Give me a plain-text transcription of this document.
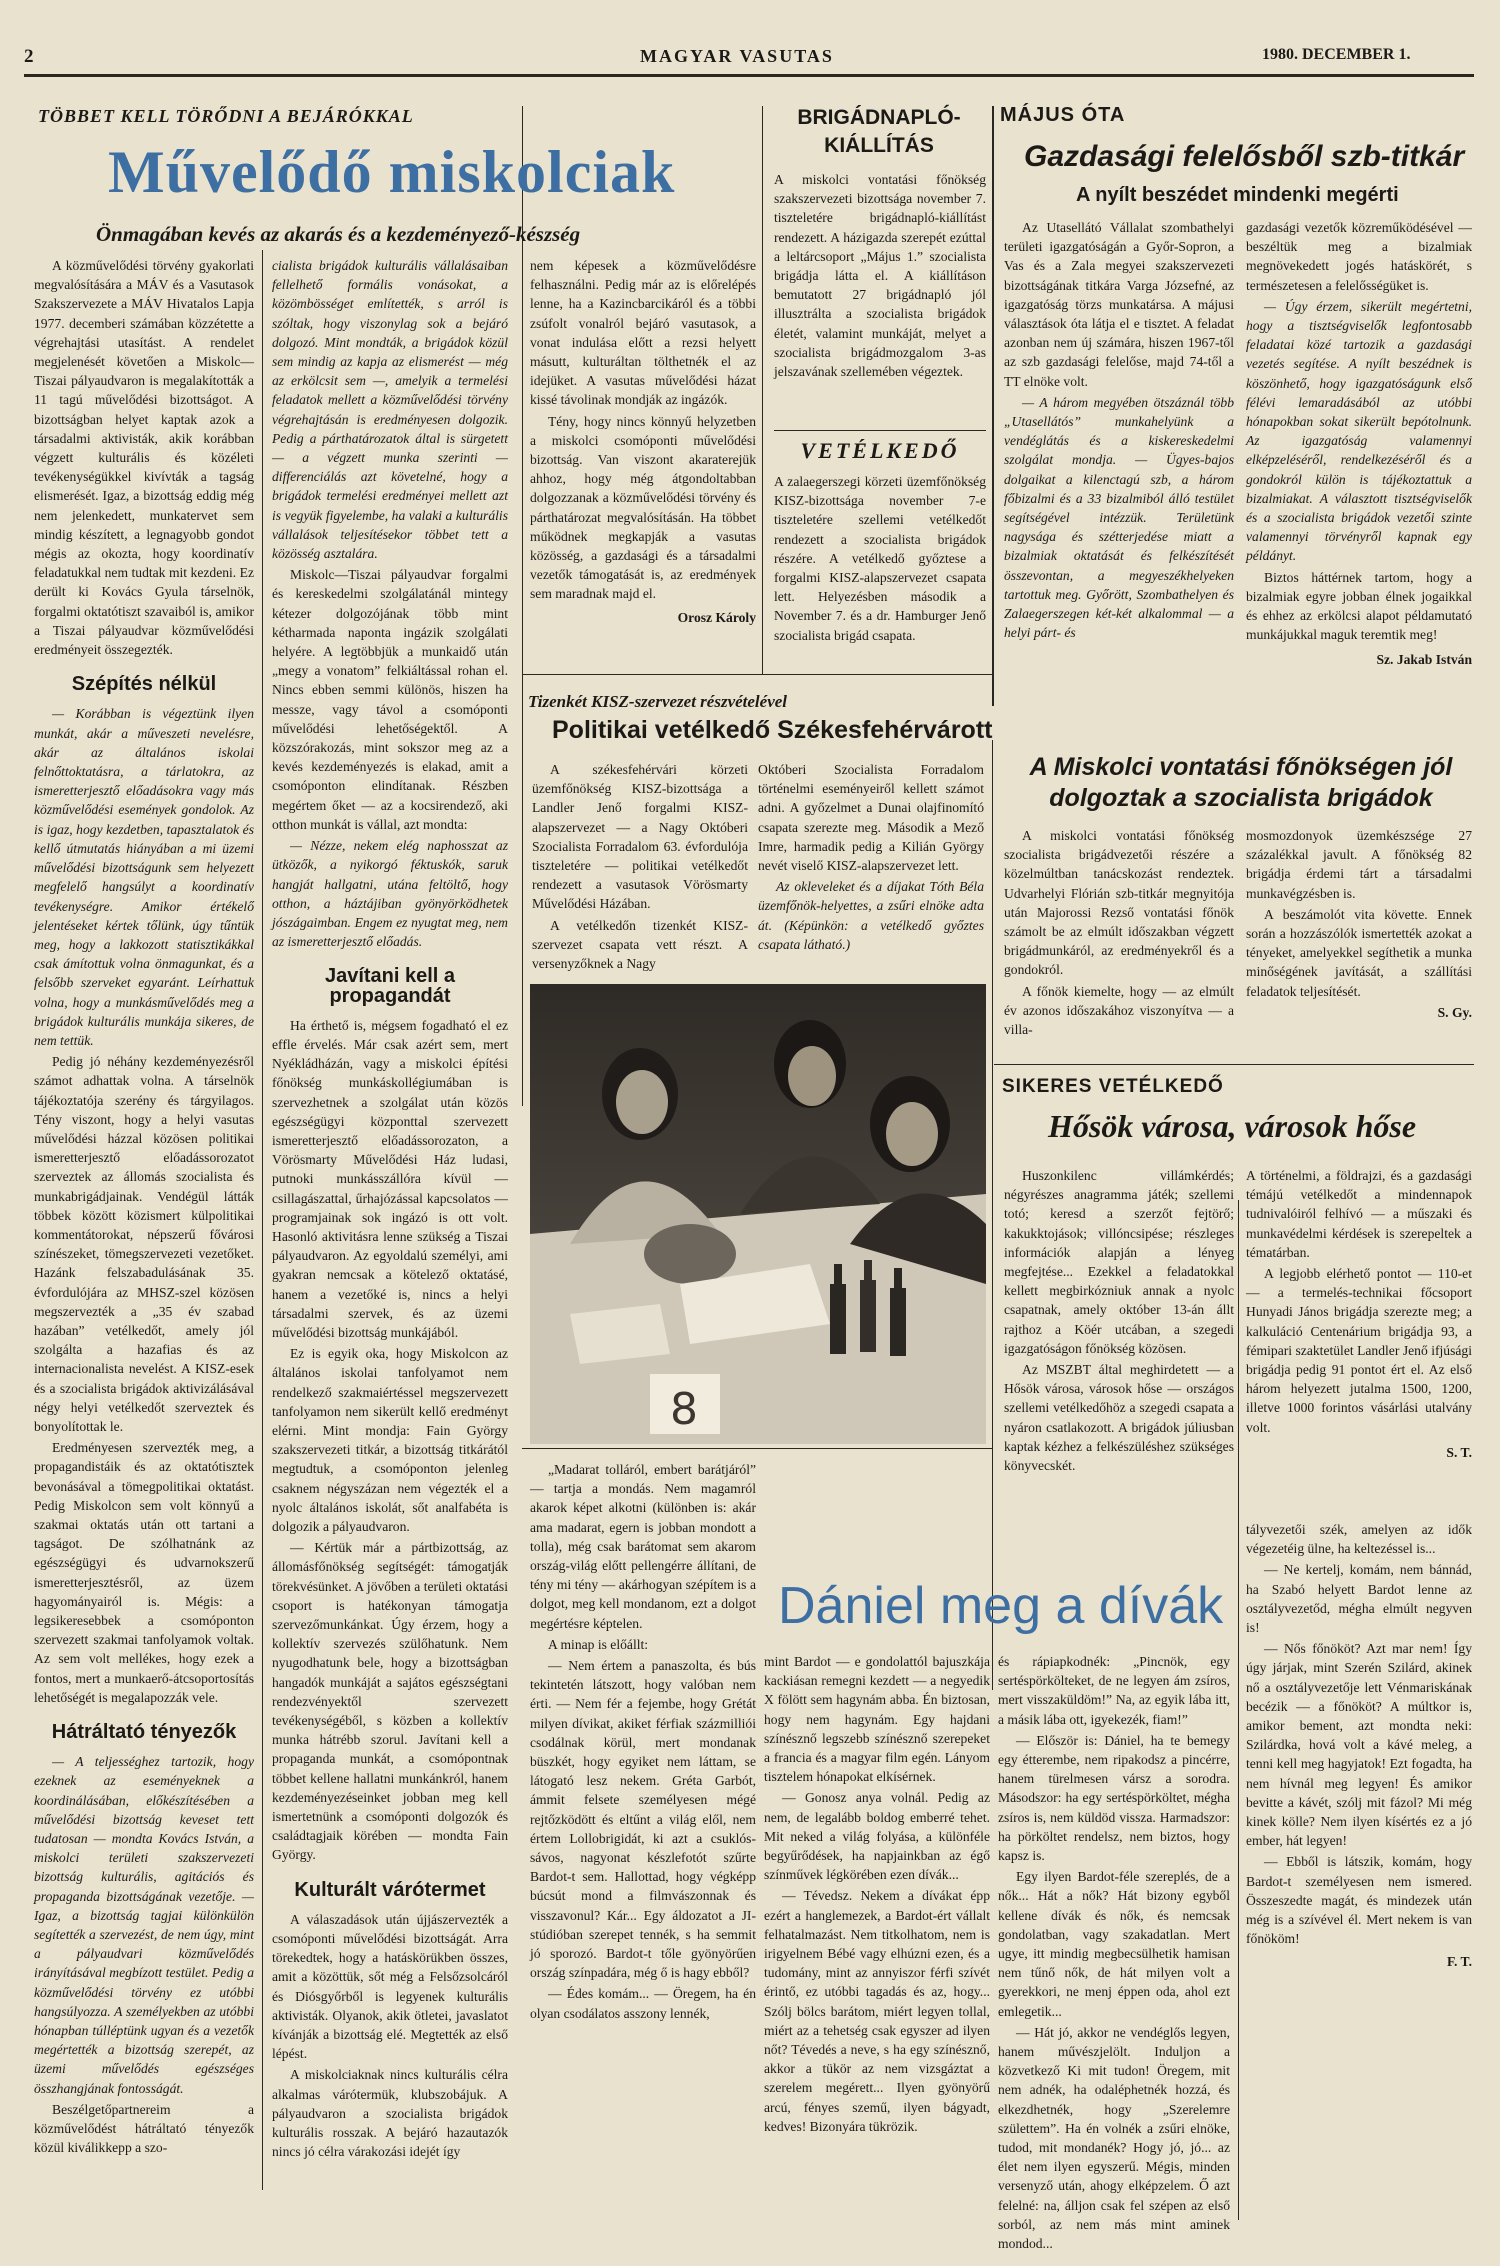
2	MAGYAR VASUTAS	1980. DECEMBER 1.
TÖBBET KELL TÖRŐDNI A BEJÁRÓKKAL
Művelődő miskolciak
Önmagában kevés az akarás és a kezdeményező-készség

A közművelődési törvény gyakorlati megvalósítására a MÁV és a Vasutasok Szakszervezete a MÁV Hivatalos Lapja 1977. decemberi számában közzétette a végrehajtási utasítást. A rendelet megjelenését követően a Miskolc—Tiszai pályaudvaron is megalakították a 11 tagú művelődési bizottságot. A bizottságban helyet kaptak azok a társadalmi aktivisták, akik korábban végzett kulturális és közéleti tevékenységükkel kivívták a tagság elismerését. Igaz, a bizottság eddig még nem jelenkedett, munkatervet sem mindig készített, a legnagyobb gondot mégis az okozta, hogy koordinatív feladatukkal nem tudtak mit kezdeni. Ez derült ki Kovács Gyula társelnök, forgalmi oktatótiszt szavaiból is, amikor a Tiszai pályaudvar közművelődési eredményeit összegezték.

Szépítés nélkül

— Korábban is végeztünk ilyen munkát, akár a műveszeti nevelésre, akár az általános iskolai felnőttoktatásra, a tárlatokra, az ismeretterjesztő előadásokra vagy más közművelődési események gondolok. Az is igaz, hogy kezdetben, tapasztalatok és kellő útmutatás hiányában a mi üzemi művelődési bizottságunk sem helyezett megfelelő hangsúlyt a koordinatív tevékenységre. Amikor értékelő jelentéseket kértek tőlünk, úgy tűntük meg, hogy a lakkozott statisztikákkal csak ámítottuk volna önmagunkat, és a felsőbb szerveket egyaránt. Leírhattuk volna, hogy a munkásművelődés meg a brigádok kulturális munkája sikeres, de nem tettük.

Pedig jó néhány kezdeményezésről számot adhattak volna. A társelnök tájékoztatója szerény és tárgyilagos. Tény viszont, hogy a helyi vasutas művelődési házzal közösen politikai ismeretterjesztő előadássorozatot szerveztek az állomás szocialista és munkabrigádjainak. Vendégül látták többek között közismert külpolitikai kommentátorokat, népszerű fővárosi színészeket, tömegszervezeti vezetőket. Hazánk felszabadulásának 35. évfordulójára az MHSZ-szel közösen megszervezték a „35 év szabad hazában” vetélkedőt, amely jól szolgálta a hazafias és az internacionalista nevelést. A KISZ-esek és a szocialista brigádok aktivizálásával négy helyi vetélkedőt szerveztek és bonyolítottak le.

Eredményesen szervezték meg, a propagandistáik és az oktatótisztek bevonásával a tömegpolitikai oktatást. Pedig Miskolcon sem volt könnyű a szakmai oktatás után ott tartani a tagságot. De szólhatnánk az egészségügyi és udvarnokszerű ismeretterjesztésről, az üzem hagyományairól is. Mégis: a legsikeresebbek a csomóponton szervezett szakmai tanfolyamok voltak. Az sem volt mellékes, hogy ezek a fontos, mert a munkaerő-átcsoportosítás lehetőségét is megalapozzák vele.

Hátráltató tényezők

— A teljességhez tartozik, hogy ezeknek az eseményeknek a koordinálásában, előkészítésében a művelődési bizottság keveset tett tudatosan — mondta Kovács István, a miskolci területi szakszervezeti bizottság kulturális, agitációs és propaganda bizottságának vezetője. — Igaz, a bizottság tagjai különkülön segítették a szervezést, de nem úgy, mint a pályaudvari közművelődés irányításával megbízott testület. Pedig a közművelődési törvény ez utóbbi hangsúlyozza. A személyekben az utóbbi hónapban túlléptünk ugyan és a vezetők megértették a bizottság szerepét, az üzemi művelődés egészséges összhangjának fontosságát.

Beszélgetőpartnereim a közművelődést hátráltató tényezők közül kiválikkepp a szo-

cialista brigádok kulturális vállalásaiban fellelhető formális vonásokat, a közömbösséget említették, s arról is szóltak, hogy viszonylag sok a bejáró dolgozó. Mint mondták, a brigádok közül sem mindig az kapja az elismerést — még az erkölcsit sem —, amelyik a termelési feladatok mellett a közművelődési törvény végrehajtásán is eredményesen dolgozik. Pedig a párthatározatok által is sürgetett — a végzett munka szerinti — differenciálás azt követelné, hogy a brigádok termelési eredményei mellett azt is vegyük figyelembe, ha valaki a kulturális vállalások teljesítésekor többet tett a közösség asztalára.

Miskolc—Tiszai pályaudvar forgalmi és kereskedelmi szolgálatánál mintegy kétezer dolgozójának több mint kétharmada naponta ingázik szolgálati helyére. A legtöbbjük a munkaidő után „megy a vonatom” felkiáltással rohan el. Nincs ebben semmi különös, hiszen ha messze, vagy távol a csomóponti művelődési lehetőségektől. A közszórakozás, mint sokszor meg az a kevés kezdeményezés is elakad, amit a csomóponton elindítanak. Részben megértem őket — az a kocsirendező, aki otthon munkát is vállal, azt mondta:

— Nézze, nekem elég naphosszat az ütközők, a nyikorgó féktuskók, saruk hangját hallgatni, utána feltöltő, hogy otthon, a háztájiban gyönyörködhetek jószágaimban. Engem ez nyugtat meg, nem az ismeretterjesztő előadás.

Javítani kell a propagandát

Ha érthető is, mégsem fogadható el ez effle érvelés. Már csak azért sem, mert Nyékládházán, vagy a miskolci építési főnökség munkáskollégiumában is szervezhetnek a szolgálat után közös egészségügyi központtal szervezett ismeretterjesztő előadássorozaton, a Vörösmarty Művelődési Ház ludasi, putnoki munkásszállóra kívül — csillagászattal, űrhajózással kapcsolatos — programjainak sok ingázó is ott volt. Hasonló aktivitásra lenne szükség a Tiszai pályaudvaron. Az egyoldalú személyi, ami gyakran nemcsak a kötelező oktatásé, hanem a vezetőké is, nincs a helyi társadalmi szervek, és az üzemi művelődési bizottság munkájából.

Ez is egyik oka, hogy Miskolcon az általános iskolai tanfolyamot nem rendelkező szakmaiértéssel megszervezett tanfolyamon nem sikerült kellő eredményt elérni. Mint mondja: Fain György szakszervezeti titkár, a bizottság titkárától megtudtuk, a csomóponton jelenleg csaknem négyszázan nem végezték el a nyolc általános iskolát, sőt analfabéta is dolgozik a pályaudvaron.

— Kértük már a pártbizottság, az állomásfőnökség segítségét: támogatják törekvésünket. A jövőben a területi oktatási csoport is hatékonyan támogatja szervezőmunkánkat. Úgy érzem, hogy a kollektív szervezés szülőhatunk. Nem nyugodhatunk bele, hogy a bizottságban hangadók munkáját a sajátos egészségtani rendezvényektől szervezett tevékenységéből, s közben a kollektív munka hátrébb szorul. Javítani kell a propaganda munkát, a csomópontnak többet kellene hallatni munkánkról, hanem kezdeményezéseinket jobban meg kell ismertetnünk a csomóponti dolgozók és családtagjaik körében — mondta Fain György.

Kulturált várótermet

A válaszadások után újjászervezték a csomóponti művelődési bizottságát. Arra törekedtek, hogy a hatáskörükben összes, amit a közöttük, sőt még a Felsőzsolcáról és Diósgyőrből is legyenek kulturális aktivisták. Olyanok, akik ötletei, javaslatot kívánják a bizottság elé. Megtették az első lépést.

A miskolciaknak nincs kulturális célra alkalmas várótermük, klubszobájuk. A pályaudvaron a szocialista brigádok kulturális rosszak. A bejáró hazautazók nincs jó célra várakozási idejét így

nem képesek a közművelődésre felhasználni. Pedig már az is előrelépés lenne, ha a Kazincbarcikáról és a többi zsúfolt vonalról bejáró vasutasok, a vonat indulása előtt a rezsi helyett másutt, kulturáltan tölthetnék el az idejüket. A vasutas művelődési házat kissé távolinak mondják az ingázók.

Tény, hogy nincs könnyű helyzetben a miskolci csomóponti művelődési bizottság. Van viszont akaraterejük ahhoz, hogy még átgondoltabban dolgozzanak a közművelődési törvény és párthatározat megvalósításán. Ha többet működnek megkapják a vasutas közösség, a gazdasági és a társadalmi vezetők támogatását is, az eredmények sem maradnak majd el.

Orosz Károly
BRIGÁDNAPLÓ-KIÁLLÍTÁS
A miskolci vontatási főnökség szakszervezeti bizottsága november 7. tiszteletére brigádnapló-kiállítást rendezett. A házigazda szerepét ezúttal a leltárcsoport „Május 1.” szocialista brigádja látta el. A kiállításon bemutatott 27 brigádnapló jól illusztrálta a szocialista brigádok életét, valamint munkáját, melyet a szocialista brigádmozgalom 3-as jelszavának szellemében végeztek.
VETÉLKEDŐ
A zalaegerszegi körzeti üzemfőnökség KISZ-bizottsága november 7-e tiszteletére szellemi vetélkedőt rendezett a szocialista brigádok részére. A vetélkedő győztese a forgalmi KISZ-alapszervezet csapata lett. Helyezésben második a November 7. és a dr. Hamburger Jenő szocialista brigád csapata.
Tizenkét KISZ-szervezet részvételével
Politikai vetélkedő Székesfehérvárott

A székesfehérvári körzeti üzemfőnökség KISZ-bizottsága a Landler Jenő forgalmi KISZ-alapszervezet — a Nagy Októberi Szocialista Forradalom 63. évfordulója tiszteletére — politikai vetélkedőt rendezett a vasutasok Vörösmarty Művelődési Házában.

A vetélkedőn tizenkét KISZ-szervezet csapata vett részt. A versenyzőknek a Nagy

Októberi Szocialista Forradalom történelmi eseményeiről kellett számot adni. A győzelmet a Dunai olajfinomító csapata szerezte meg. Második a Mező Imre, harmadik pedig a Kilián György nevét viselő KISZ-alapszervezet lett.

Az okleveleket és a díjakat Tóth Béla üzemfőnök-helyettes, a zsűri elnöke adta át. (Képünkön: a vetélkedő győztes csapata látható.)

8
MÁJUS ÓTA
Gazdasági felelősből szb-titkár
A nyílt beszédet mindenki megérti

Az Utasellátó Vállalat szombathelyi területi igazgatóságán a Győr-Sopron, a Vas és a Zala megyei szakszervezeti bizottságának titkára Varga Józsefné, az igazgatóság törzs munkatársa. A májusi választások óta látja el e tisztet. A feladat azonban nem új számára, hiszen 1967-től az szb gazdasági felelőse, majd 74-től a TT elnöke volt.

— A három megyében ötszáznál több „Utasellátós” munkahelyünk a vendéglátás és a kiskereskedelmi szolgálat mondja. — Ügyes-bajos dolgaikat a kilenctagú szb, a három főbizalmi és a 33 bizalmiból álló testület segítségével intézzük. Területünk nagysága és szétterjedése miatt a bizalmiak oktatását és felkészítését összevontan, a megyeszékhelyeken tartottuk meg. Győrött, Szombathelyen és Zalaegerszegen két-két alkalommal — a helyi párt- és

gazdasági vezetők közreműködésével — beszéltük meg a bizalmiak megnövekedett jogés hatáskörét, s természetesen a felelősségüket is.

— Úgy érzem, sikerült megértetni, hogy a tisztségviselők legfontosabb feladatai közé tartozik a gazdasági vezetés segítése. A nyílt beszédnek is köszönhető, hogy igazgatóságunk első félévi lemaradásából az utóbbi hónapokban sokat sikerült bepótolnunk. Az igazgatóság valamennyi elképzeléséről, rendelkezéséről és a gondokról külön is tájékoztattuk a bizalmiakat. A választott tisztségviselők és a szocialista brigádok vezetői szinte valamennyi törvényről kapnak egy példányt.

Biztos háttérnek tartom, hogy a bizalmiak egyre jobban élnek jogaikkal és ehhez az erkölcsi alapot példamutató munkájukkal maguk teremtik meg!

Sz. Jakab István
A Miskolci vontatási főnökségen jól dolgoztak a szocialista brigádok

A miskolci vontatási főnökség szocialista brigádvezetői részére a közelmúltban tanácskozást rendeztek. Udvarhelyi Flórián szb-titkár megnyitója után Majorossi Rezső vontatási főnök számolt be az elmúlt időszakban végzett brigádmunkáról, az eredményekről és a gondokról.

A főnök kiemelte, hogy — az elmúlt év azonos időszakához viszonyítva — a villa-

mosmozdonyok üzemkészsége 27 százalékkal javult. A főnökség 82 brigádja érdemi tárt a társadalmi munkavégzésben is.

A beszámolót vita követte. Ennek során a hozzászólók ismertették azokat a tényeket, amelyekkel segíthetik a munka minőségének javítását, a szállítási feladatok teljesítését.

S. Gy.
SIKERES VETÉLKEDŐ
Hősök városa, városok hőse

Huszonkilenc villámkérdés; négyrészes anagramma játék; szellemi totó; keresd a szerzőt fejtörő; kakukktojások; villóncsipése; részleges információk alapján a lényeg megfejtése... Ezekkel a feladatokkal kellett megbirkózniuk annak a nyolc csapatnak, amely október 13-án állt rajthoz a Köér utcában, a szegedi igazgatóságon főnökség közösen.

Az MSZBT által meghirdetett — a Hősök városa, városok hőse — országos szellemi vetélkedőhöz a szegedi csapata a nyáron csatlakozott. A brigádok júliusban kaptak kézhez a felkészüléshez szükséges könyvecskét.

A történelmi, a földrajzi, és a gazdasági témájú vetélkedőt a mindennapok tudnivalóiról felhívó — a műszaki és munkavédelmi kérdések is szerepeltek a tématárban.

A legjobb elérhető pontot — 110-et — a termelés-technikai főcsoport Hunyadi János brigádja szerezte meg; a kalkuláció Centenárium brigádja 93, a fémipari szaktetület Landler Jenő ifjúsági brigádja pedig 91 pontot ért el. Az első három helyezett jutalma 1500, 1200, illetve 1000 forintos vásárlási utalvány volt.

S. T.
Dániel meg a dívák

„Madarat tolláról, embert barátjáról” — tartja a mondás. Nem magamról akarok képet alkotni (különben is: akár ama madarat, egern is jobban mondott a tolla), még csak barátomat sem akarom ország-világ előtt pellengérre állítani, de tény mi tény — akárhogyan szépítem is a dolgot, meg kell mondanom, ezt a dolgot megértésre képtelen.

A minap is előállt:

— Nem értem a panaszolta, és bús tekintetén látszott, hogy valóban nem érti. — Nem fér a fejembe, hogy Grétát milyen dívikat, akiket férfiak százmilliói csodálnak körül, mert mondanak büszkét, hogy egyiket nem láttam, se látogató lesz nekem. Gréta Garbót, ámmit felsete személyesen mégé rejtőzködött és eltűnt a világ elől, nem értem Lollobrigidát, ki azt a csuklós-sávos, nagyonat készlefotót szűrte Bardot-t sem. Hallottad, hogy végképp búcsút mond a filmvászonnak és visszavonul? Kár... Egy áldozatot a JI-stúdióban szerepet tennék, s ha semmit jó sporozó. Bardot-t tőle gyönyörűen ország színpadára, még ő is hagy ebből?

— Édes komám... — Öregem, ha én olyan csodálatos asszony lennék,

mint Bardot — e gondolattól bajuszkája kackiásan remegni kezdett — a negyedik X fölött sem hagynám abba. Én biztosan, hogy nem hagynám. Egy hajdani színésznő legszebb színésznő szerepeket a francia és a magyar film egén. Lányom tisztelem hónapokat elkísérnek.

— Gonosz anya volnál. Pedig az nem, de legalább boldog emberré tehet. Mit neked a világ folyása, a különféle begyűrődések, ha napjainkban az égő színművek légkörében ezen dívák...

— Tévedsz. Nekem a dívákat épp ezért a hanglemezek, a Bardot-ért vállalt felhatalmazást. Nem titkolhatom, nem is irigyelnem Bébé vagy elhúzni ezen, és a tudomány, mint az annyiszor férfi szívét érintő, ez utóbbi tagadás és az, hogy... Szólj bölcs barátom, miért legyen tollal, miért az a tehetség csak egyszer ad ilyen nőt? Tévedés a neve, s ha egy színésznő, akkor a tükör az nem vizsgáztat a szerelem megérett... Ilyen gyönyörű arcú, fényes szemű, ilyen bágyadt, kedves! Bizonyára tükrözik.

és rápiapkodnék: „Pincnök, egy sertéspörkölteket, de ne legyen ám zsíros, mert visszaküldöm!” Na, az egyik lába itt, a másik lába ott, igyekezék, fiam!”

— Először is: Dániel, ha te bemegy egy étterembe, nem ripakodsz a pincérre, hanem türelmesen vársz a sorodra. Másodszor: ha egy sertéspörköltet, mégha zsíros is, nem küldöd vissza. Harmadszor: ha pörköltet rendelsz, nem biztos, hogy kapsz is.

Egy ilyen Bardot-féle szereplés, de a nők... Hát a nők? Hát bizony egyből kellene dívák és nők, és nemcsak gondolatban, vagy szakadatlan. Mert ugye, itt mindig megbecsülhetik hamisan nem tűnő nők, de hát milyen volt a gyerekkori, ne menj éppen oda, ahol ezt emlegetik...

— Hát jó, akkor ne vendéglős legyen, hanem művészjelölt. Induljon a közvetkező Ki mit tudon! Öregem, mit nem adnék, ha odaléphetnék hozzá, és elkezdhetnék, hogy „Szerelemre születtem”. Ha én volnék a zsűri elnöke, tudod, mit mondanék? Hogy jó, jó... az élet nem ilyen egyszerű. Mégis, minden versenyző után, ahogy elképzelem. Ő azt felelné: na, álljon csak fel szépen az első sorból, az nem más mint aminek mondod...

tályvezetői szék, amelyen az idők végezetéig ülne, ha keltezéssel is...

— Ne kertelj, komám, nem bánnád, ha Szabó helyett Bardot lenne az osztályvezetőd, mégha elmúlt negyven is!

— Nős főnököt? Azt mar nem! Így úgy járjak, mint Szerén Szilárd, akinek nő a osztályvezetője lett Vénmariskának becézik — a főnököt? A múltkor is, amikor bement, azt mondta neki: Szilárdka, hová volt a kávé meleg, a tenni kell meg hagyjatok! Ezt fogadta, ha nem hívnál meg legyen! És amikor bevitte a kávét, szólj mit fázol? Mi még kinek kölle? Nem ilyen kísértés ez a jó ember, hát legyen!

— Ebből is látszik, komám, hogy Bardot-t személyesen nem ismered. Összeszedte magát, és mindezek után még is a szívével él. Mert nekem is van főnököm!

F. T.
